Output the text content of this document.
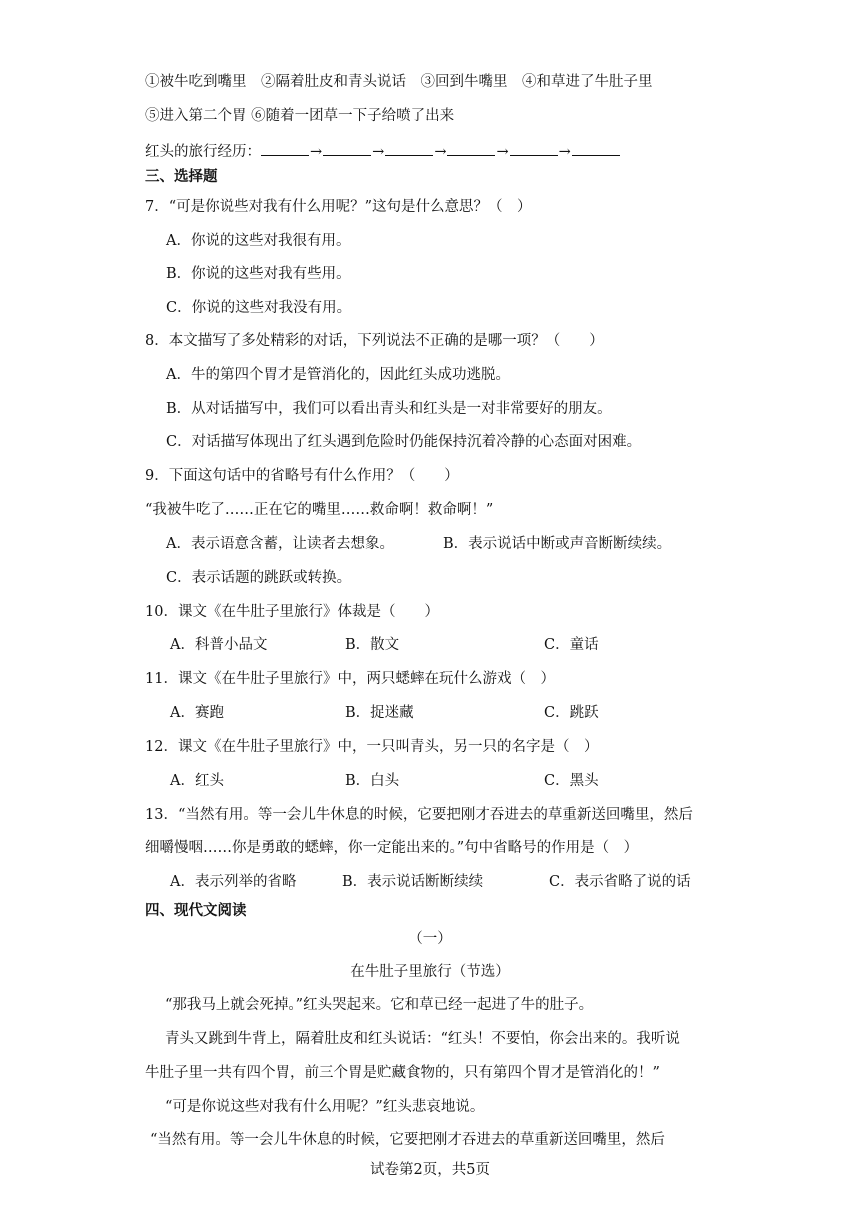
①被牛吃到嘴里　②隔着肚皮和青头说话　③回到牛嘴里　④和草进了牛肚子里
⑤进入第二个胃 ⑥随着一团草一下子给喷了出来
红头的旅行经历：	→	→	→	→	→
三、选择题
7．“可是你说些对我有什么用呢？”这句是什么意思？（　）
A．你说的这些对我很有用。
B．你说的这些对我有些用。
C．你说的这些对我没有用。
8．本文描写了多处精彩的对话，下列说法不正确的是哪一项？（　　）
A．牛的第四个胃才是管消化的，因此红头成功逃脱。
B．从对话描写中，我们可以看出青头和红头是一对非常要好的朋友。
C．对话描写体现出了红头遇到危险时仍能保持沉着冷静的心态面对困难。
9．下面这句话中的省略号有什么作用？（　　）
“我被牛吃了……正在它的嘴里……救命啊！救命啊！”
A．表示语意含蓄，让读者去想象。	B．表示说话中断或声音断断续续。
C．表示话题的跳跃或转换。
10．课文《在牛肚子里旅行》体裁是（　　）
A．科普小品文	B．散文	C．童话
11．课文《在牛肚子里旅行》中，两只蟋蟀在玩什么游戏（　）
A．赛跑	B．捉迷藏	C．跳跃
12．课文《在牛肚子里旅行》中，一只叫青头，另一只的名字是（　）
A．红头	B．白头	C．黑头
13．“当然有用。等一会儿牛休息的时候，它要把刚才吞进去的草重新送回嘴里，然后
细嚼慢咽……你是勇敢的蟋蟀，你一定能出来的。”句中省略号的作用是（　）
A．表示列举的省略	B．表示说话断断续续	C．表示省略了说的话
四、现代文阅读
（一）
在牛肚子里旅行（节选）
“那我马上就会死掉。”红头哭起来。它和草已经一起进了牛的肚子。
青头又跳到牛背上，隔着肚皮和红头说话：“红头！不要怕，你会出来的。我听说
牛肚子里一共有四个胃，前三个胃是贮藏食物的，只有第四个胃才是管消化的！”
“可是你说这些对我有什么用呢？”红头悲哀地说。
“当然有用。等一会儿牛休息的时候，它要把刚才吞进去的草重新送回嘴里，然后
试卷第2页，共5页
